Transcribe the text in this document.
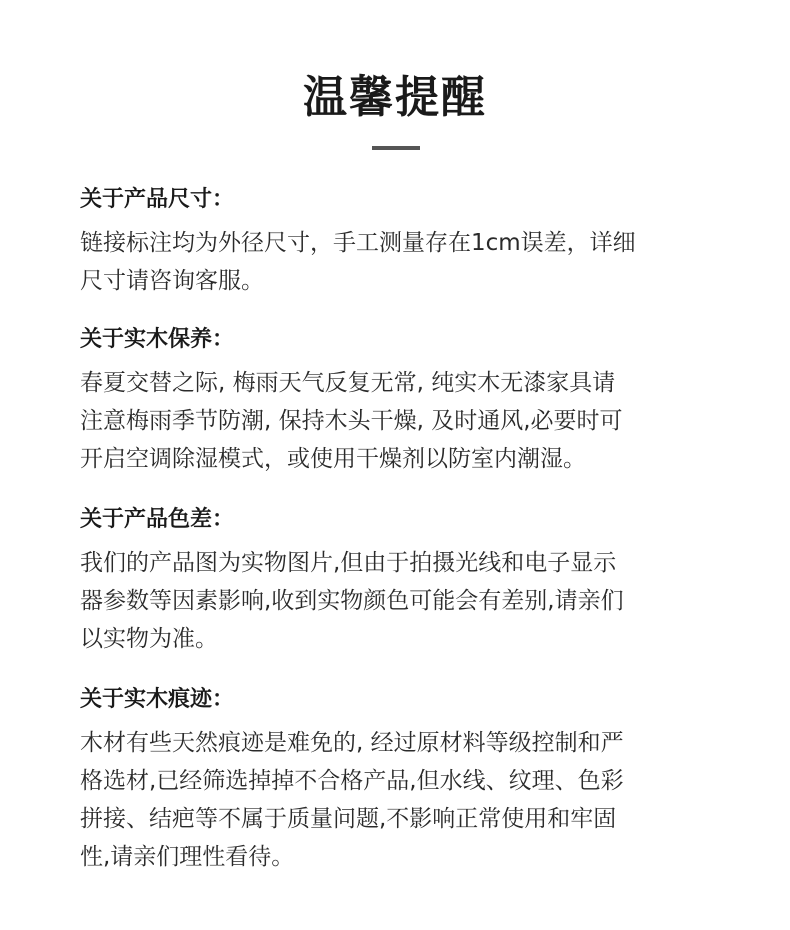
温馨提醒

关于产品尺寸：

链接标注均为外径尺寸，手工测量存在1cm误差，详细
尺寸请咨询客服。

关于实木保养：

春夏交替之际, 梅雨天气反复无常, 纯实木无漆家具请
注意梅雨季节防潮, 保持木头干燥, 及时通风,必要时可
开启空调除湿模式，或使用干燥剂以防室内潮湿。

关于产品色差：

我们的产品图为实物图片,但由于拍摄光线和电子显示
器参数等因素影响,收到实物颜色可能会有差别,请亲们
以实物为准。

关于实木痕迹：

木材有些天然痕迹是难免的, 经过原材料等级控制和严
格选材,已经筛选掉掉不合格产品,但水线、纹理、色彩
拼接、结疤等不属于质量问题,不影响正常使用和牢固
性,请亲们理性看待。
